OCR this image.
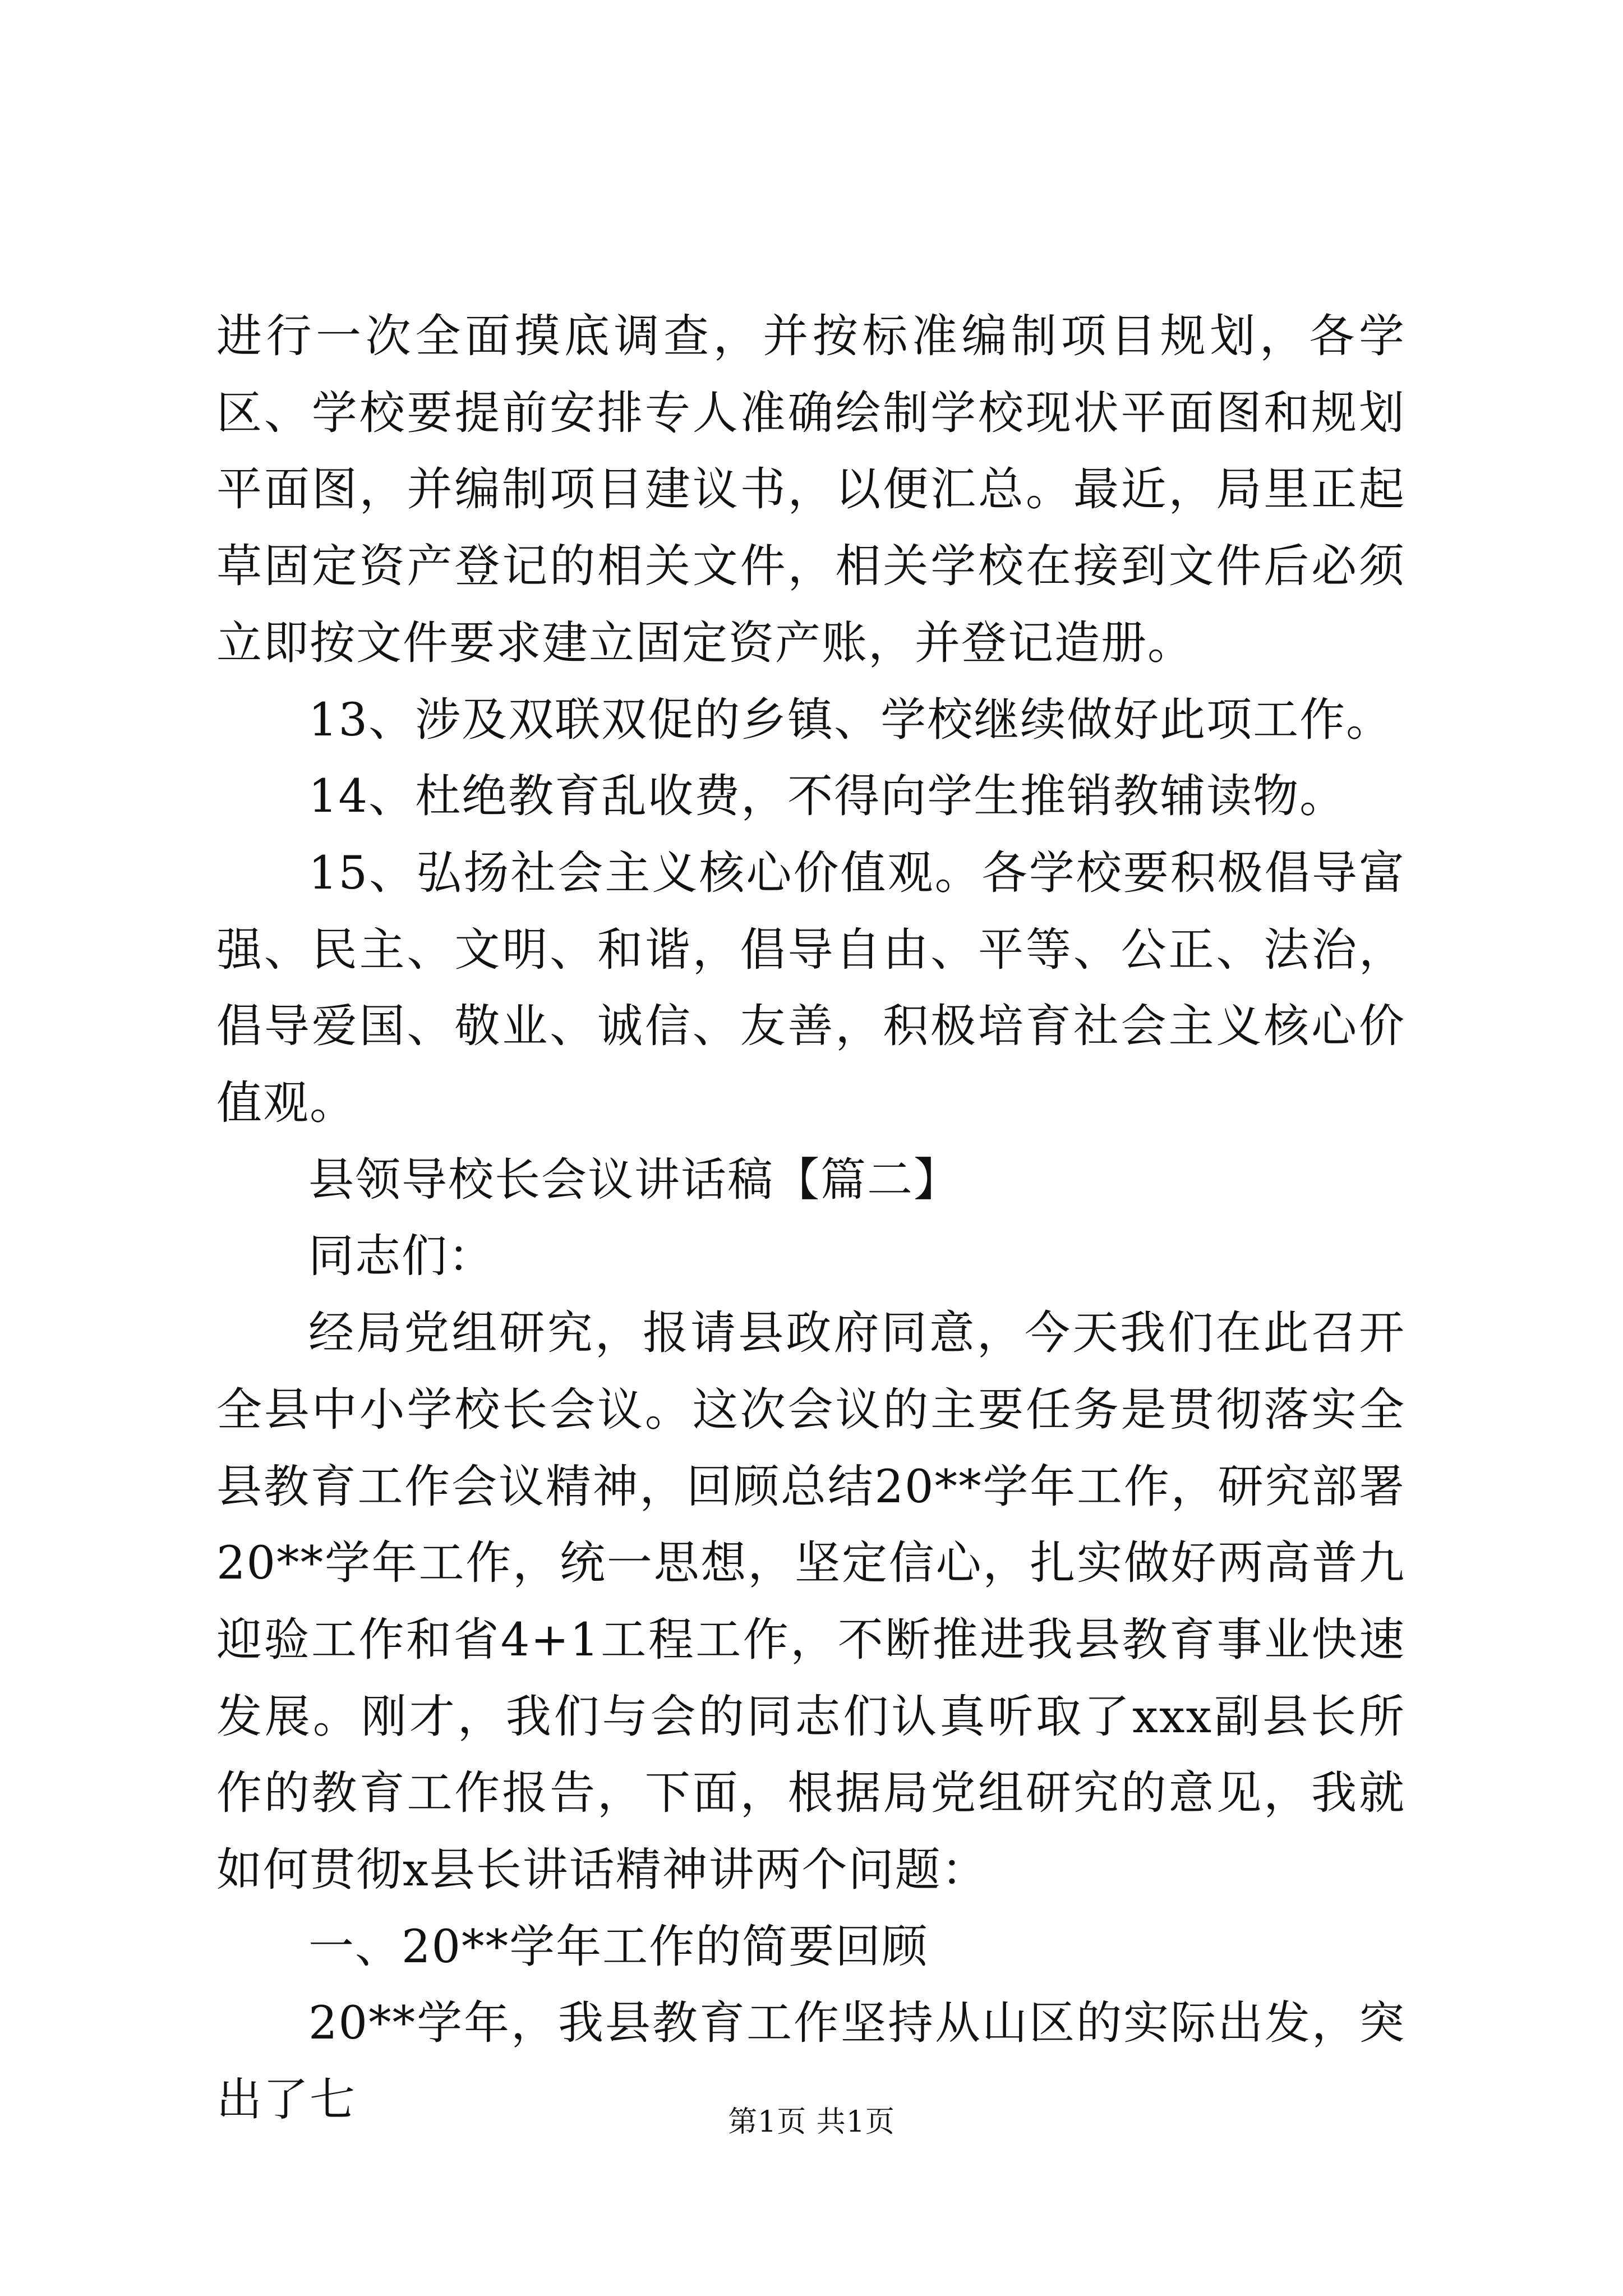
进行一次全面摸底调查，并按标准编制项目规划，各学区、学校要提前安排专人准确绘制学校现状平面图和规划平面图，并编制项目建议书，以便汇总。最近，局里正起草固定资产登记的相关文件，相关学校在接到文件后必须立即按文件要求建立固定资产账，并登记造册。

13、涉及双联双促的乡镇、学校继续做好此项工作。

14、杜绝教育乱收费，不得向学生推销教辅读物。

15、弘扬社会主义核心价值观。各学校要积极倡导富强、民主、文明、和谐，倡导自由、平等、公正、法治，倡导爱国、敬业、诚信、友善，积极培育社会主义核心价值观。

县领导校长会议讲话稿【篇二】

同志们：

经局党组研究，报请县政府同意，今天我们在此召开全县中小学校长会议。这次会议的主要任务是贯彻落实全县教育工作会议精神，回顾总结20**学年工作，研究部署20**学年工作，统一思想，坚定信心，扎实做好两高普九迎验工作和省4+1工程工作，不断推进我县教育事业快速发展。刚才，我们与会的同志们认真听取了xxx副县长所作的教育工作报告，下面，根据局党组研究的意见，我就如何贯彻x县长讲话精神讲两个问题：

一、20**学年工作的简要回顾

20**学年，我县教育工作坚持从山区的实际出发，突出了七	第1页 共1页
